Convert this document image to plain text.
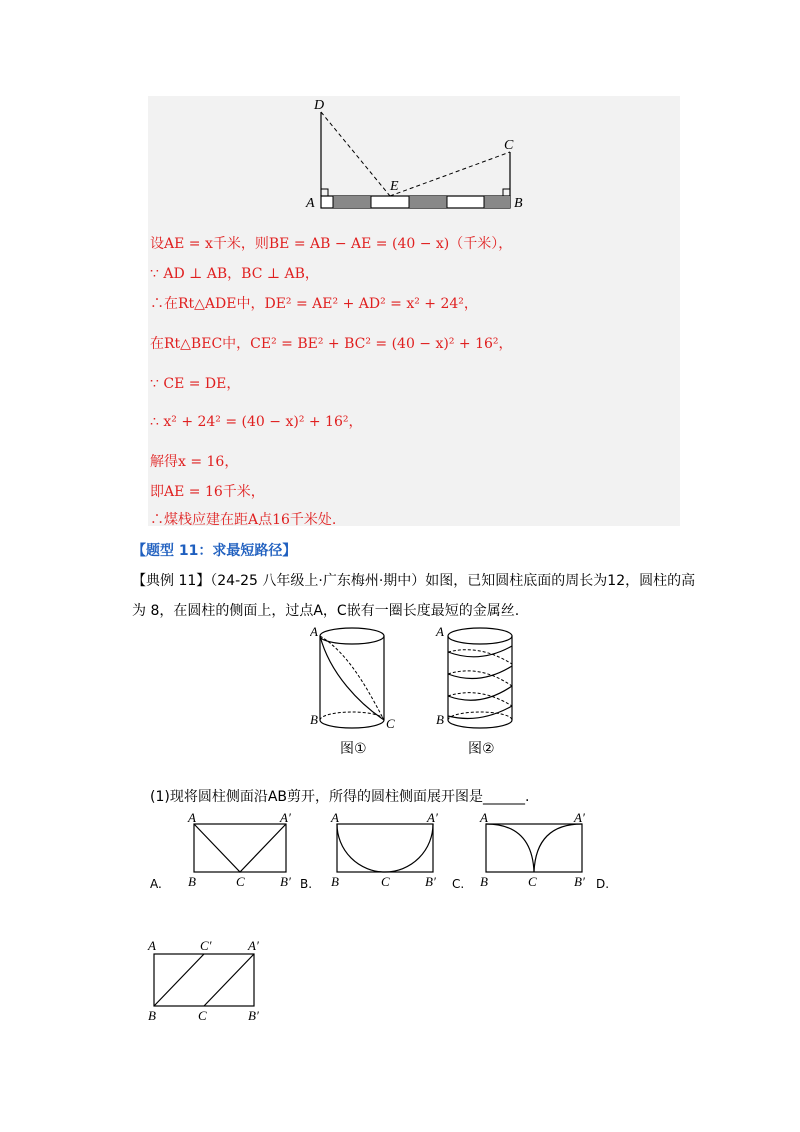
D
C
E
A	B
设AE = x千米，则BE = AB − AE = (40 − x)（千米），
∵ AD ⊥ AB，BC ⊥ AB，
∴在Rt△ADE中，DE² = AE² + AD² = x² + 24²，
在Rt△BEC中，CE² = BE² + BC² = (40 − x)² + 16²，
∵ CE = DE，
∴ x² + 24² = (40 − x)² + 16²，
解得x = 16，
即AE = 16千米，
∴煤栈应建在距A点16千米处.
【题型 11：求最短路径】
【典例 11】（24-25 八年级上·广东梅州·期中）如图，已知圆柱底面的周长为12，圆柱的高
为 8，在圆柱的侧面上，过点A，C嵌有一圈长度最短的金属丝.
A
B	C
图①
A
B
图②
(1)现将圆柱侧面沿AB剪开，所得的圆柱侧面展开图是______.
A	A′
B	C	B′
A.
A	A′
B	C	B′
B.
A	A′
B	C	B′
C.	D.
A	C′	A′
B	C	B′
